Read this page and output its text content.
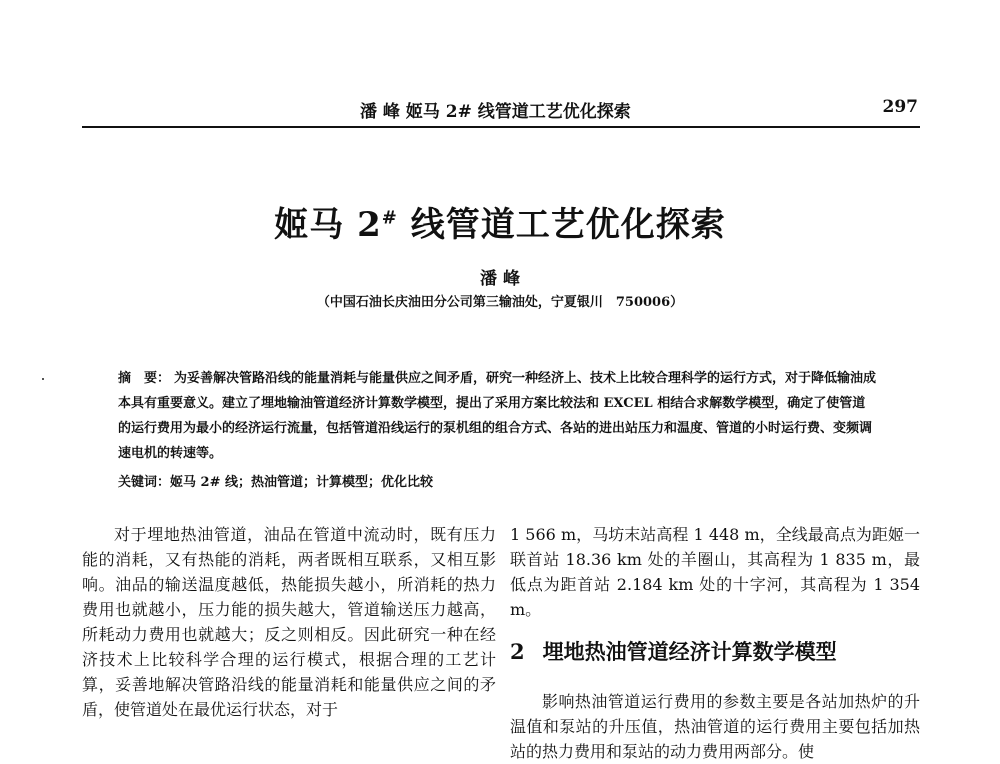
潘 峰 姬马 2# 线管道工艺优化探索	297
姬马 2# 线管道工艺优化探索
潘 峰
（中国石油长庆油田分公司第三输油处，宁夏银川　750006）
摘　要： 为妥善解决管路沿线的能量消耗与能量供应之间矛盾，研究一种经济上、技术上比较合理科学的运行方式，对于降低输油成本具有重要意义。建立了埋地输油管道经济计算数学模型，提出了采用方案比较法和 EXCEL 相结合求解数学模型，确定了使管道的运行费用为最小的经济运行流量，包括管道沿线运行的泵机组的组合方式、各站的进出站压力和温度、管道的小时运行费、变频调速电机的转速等。
关键词：姬马 2# 线；热油管道；计算模型；优化比较
对于埋地热油管道，油品在管道中流动时，既有压力能的消耗，又有热能的消耗，两者既相互联系，又相互影响。油品的输送温度越低，热能损失越小，所消耗的热力费用也就越小，压力能的损失越大，管道输送压力越高，所耗动力费用也就越大；反之则相反。因此研究一种在经济技术上比较科学合理的运行模式，根据合理的工艺计算，妥善地解决管路沿线的能量消耗和能量供应之间的矛盾，使管道处在最优运行状态，对于
1 566 m，马坊末站高程 1 448 m，全线最高点为距姬一联首站 18.36 km 处的羊圈山，其高程为 1 835 m，最低点为距首站 2.184 km 处的十字河，其高程为 1 354 m。
2 埋地热油管道经济计算数学模型
影响热油管道运行费用的参数主要是各站加热炉的升温值和泵站的升压值，热油管道的运行费用主要包括加热站的热力费用和泵站的动力费用两部分。使
